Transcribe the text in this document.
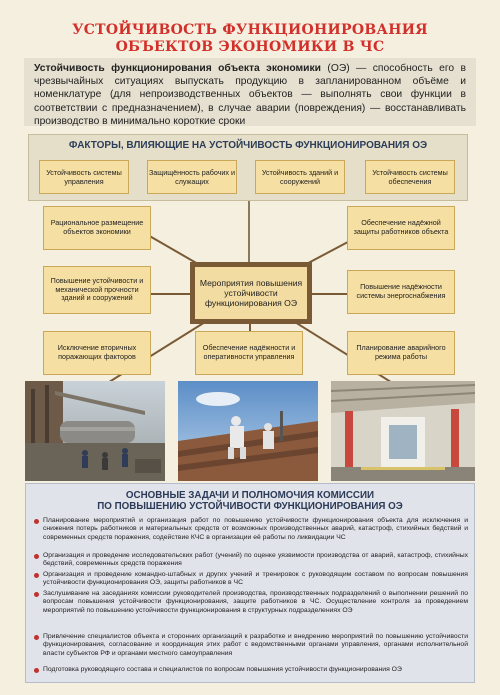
УСТОЙЧИВОСТЬ ФУНКЦИОНИРОВАНИЯ
ОБЪЕКТОВ ЭКОНОМИКИ В ЧС
Устойчивость функционирования объекта экономики (ОЭ) — способность его в чрезвычайных ситуациях выпускать продукцию в запланированном объёме и номенклатуре (для непроизводственных объектов — выполнять свои функции в соответствии с предназначением), в случае аварии (повреждения) — восстанавливать производство в минимально короткие сроки
ФАКТОРЫ, ВЛИЯЮЩИЕ НА УСТОЙЧИВОСТЬ ФУНКЦИОНИРОВАНИЯ ОЭ
Устойчивость системы управления
Защищённость рабочих и служащих
Устойчивость зданий и сооружений
Устойчивость системы обеспечения
Мероприятия повышения устойчивости функционирования ОЭ
Рациональное размещение объектов экономики
Обеспечение надёжной защиты работников объекта
Повышение устойчивости и механической прочности зданий и сооружений
Повышение надёжности системы энергоснабжения
Исключение вторичных поражающих факторов
Обеспечение надёжности и оперативности управления
Планирование аварийного режима работы
ОСНОВНЫЕ ЗАДАЧИ И ПОЛНОМОЧИЯ КОМИССИИ
ПО ПОВЫШЕНИЮ УСТОЙЧИВОСТИ ФУНКЦИОНИРОВАНИЯ ОЭ
Планирование мероприятий и организация работ по повышению устойчивости функционирования объекта для исключения и снижения потерь работников и материальных средств от возможных производственных аварий, катастроф, стихийных бедствий и современных средств поражения, содействие КЧС в организации её работы по ликвидации ЧС
Организация и проведение исследовательских работ (учений) по оценке уязвимости производства от аварий, катастроф, стихийных бедствий, современных средств поражения
Организация и проведение командно-штабных и других учений и тренировок с руководящим составом по вопросам повышения устойчивости функционирования ОЭ, защиты работников в ЧС
Заслушивание на заседаниях комиссии руководителей производства, производственных подразделений о выполнении решений по вопросам повышения устойчивости функционирования, защите работников в ЧС. Осуществление контроля за проведением мероприятий по повышению устойчивости функционирования в структурных подразделениях ОЭ
Привлечение специалистов объекта и сторонних организаций к разработке и внедрению мероприятий по повышению устойчивости функционирования, согласование и координация этих работ с ведомственными органами управления, органами исполнительной власти субъектов РФ и органами местного самоуправления
Подготовка руководящего состава и специалистов по вопросам повышения устойчивости функционирования ОЭ
